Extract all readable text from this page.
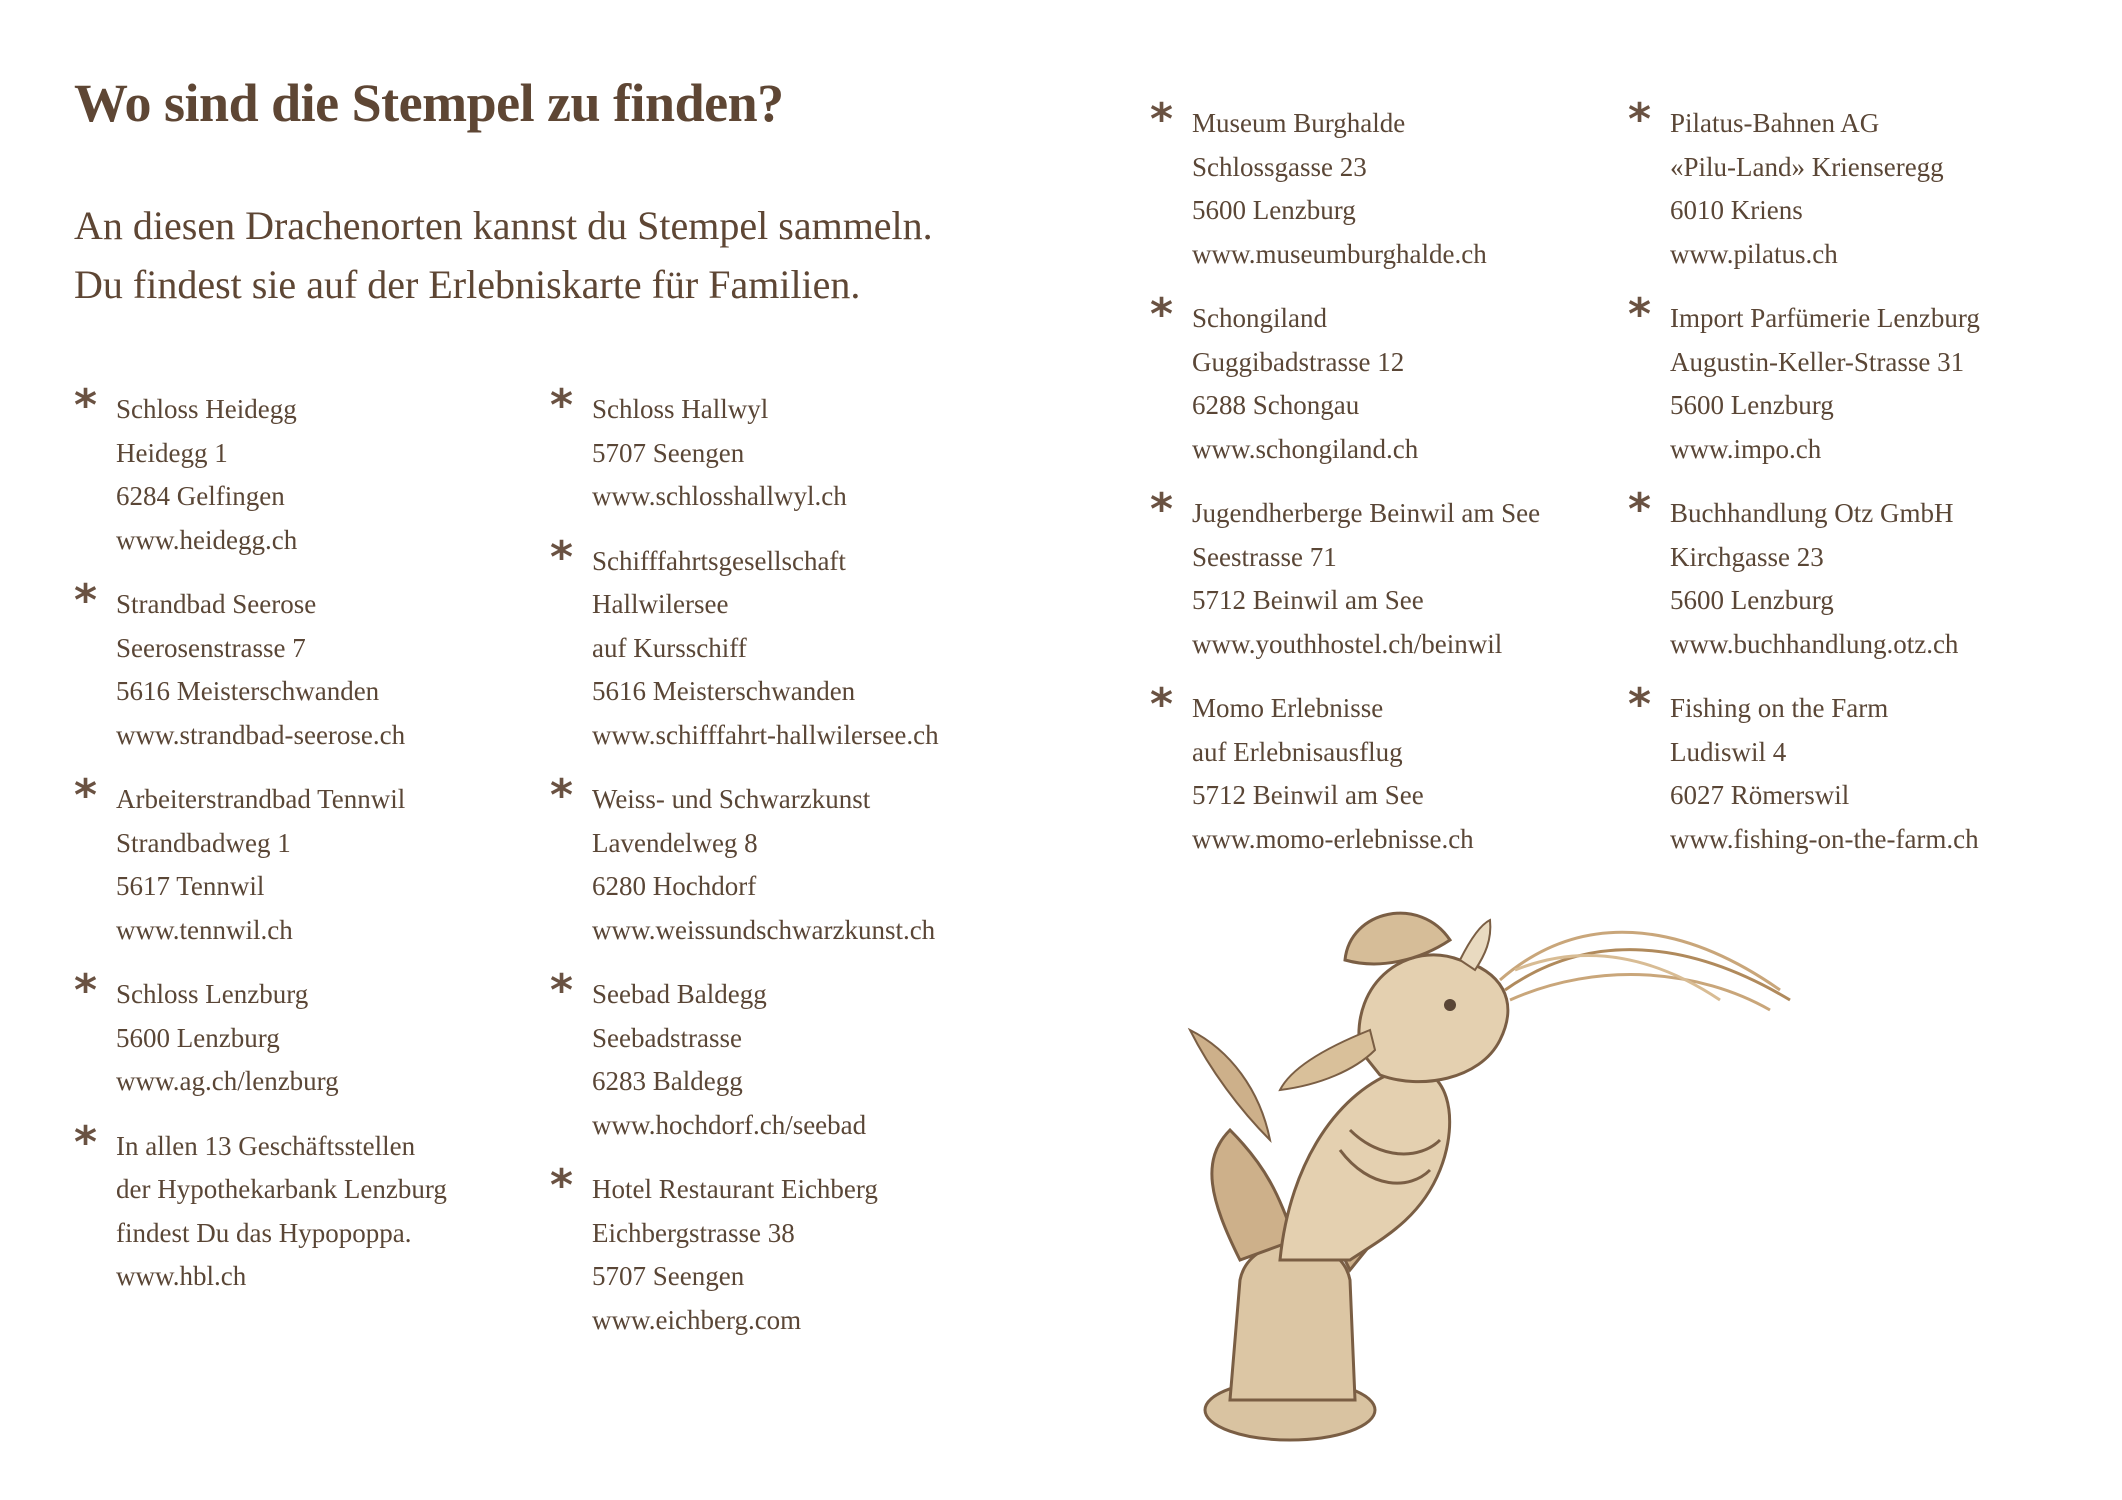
Wo sind die Stempel zu finden?
An diesen Drachenorten kannst du Stempel sammeln.
Du findest sie auf der Erlebniskarte für Familien.
* Schloss Heidegg
Heidegg 1
6284 Gelfingen
www.heidegg.ch
* Strandbad Seerose
Seerosenstrasse 7
5616 Meisterschwanden
www.strandbad-seerose.ch
* Arbeiterstrandbad Tennwil
Strandbadweg 1
5617 Tennwil
www.tennwil.ch
* Schloss Lenzburg
5600 Lenzburg
www.ag.ch/lenzburg
* In allen 13 Geschäftsstellen
der Hypothekarbank Lenzburg
findest Du das Hypopoppa.
www.hbl.ch
* Schloss Hallwyl
5707 Seengen
www.schlosshallwyl.ch
* Schifffahrtsgesellschaft
Hallwilersee
auf Kursschiff
5616 Meisterschwanden
www.schifffahrt-hallwilersee.ch
* Weiss- und Schwarzkunst
Lavendelweg 8
6280 Hochdorf
www.weissundschwarzkunst.ch
* Seebad Baldegg
Seebadstrasse
6283 Baldegg
www.hochdorf.ch/seebad
* Hotel Restaurant Eichberg
Eichbergstrasse 38
5707 Seengen
www.eichberg.com
* Museum Burghalde
Schlossgasse 23
5600 Lenzburg
www.museumburghalde.ch
* Schongiland
Guggibadstrasse 12
6288 Schongau
www.schongiland.ch
* Jugendherberge Beinwil am See
Seestrasse 71
5712 Beinwil am See
www.youthhostel.ch/beinwil
* Momo Erlebnisse
auf Erlebnisausflug
5712 Beinwil am See
www.momo-erlebnisse.ch
* Pilatus-Bahnen AG
«Pilu-Land» Krienseregg
6010 Kriens
www.pilatus.ch
* Import Parfümerie Lenzburg
Augustin-Keller-Strasse 31
5600 Lenzburg
www.impo.ch
* Buchhandlung Otz GmbH
Kirchgasse 23
5600 Lenzburg
www.buchhandlung.otz.ch
* Fishing on the Farm
Ludiswil 4
6027 Römerswil
www.fishing-on-the-farm.ch
